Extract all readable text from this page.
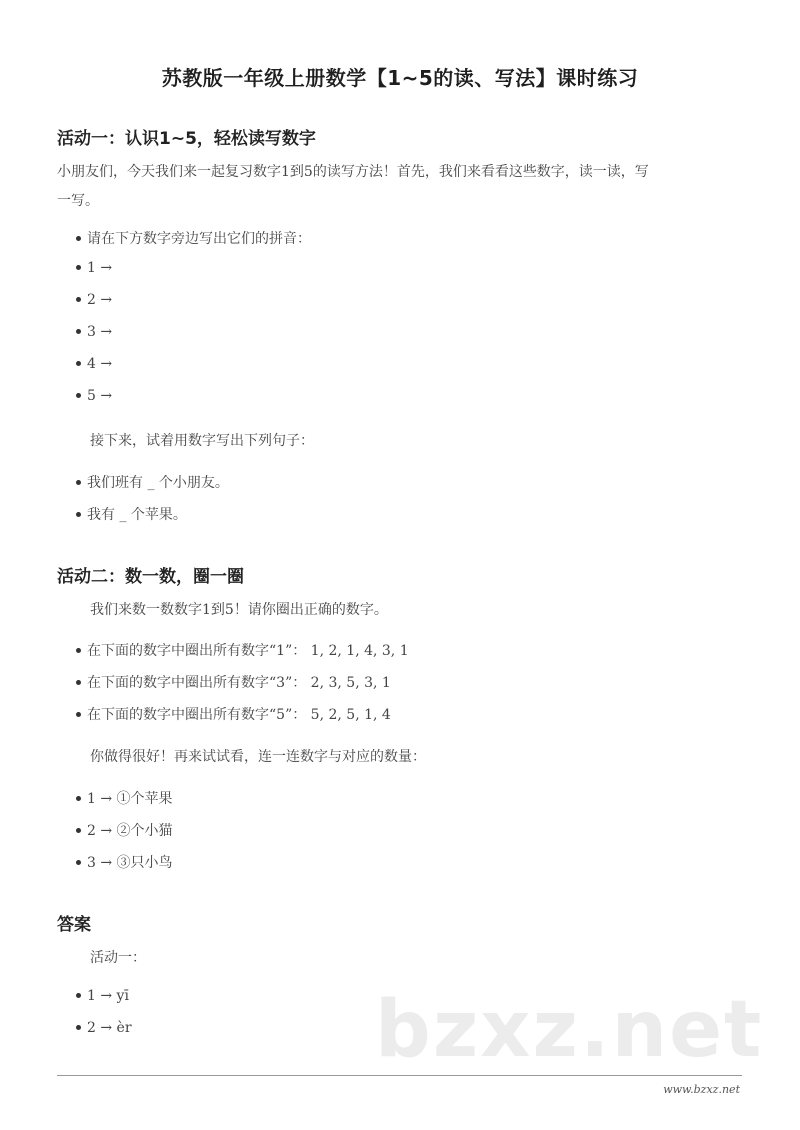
苏教版一年级上册数学【1~5的读、写法】课时练习
活动一：认识1~5，轻松读写数字
小朋友们，今天我们来一起复习数字1到5的读写方法！首先，我们来看看这些数字，读一读，写
一写。
请在下方数字旁边写出它们的拼音：
1 →
2 →
3 →
4 →
5 →
接下来，试着用数字写出下列句子：
我们班有 _ 个小朋友。
我有 _ 个苹果。
活动二：数一数，圈一圈
我们来数一数数字1到5！请你圈出正确的数字。
在下面的数字中圈出所有数字“1”： 1, 2, 1, 4, 3, 1
在下面的数字中圈出所有数字“3”： 2, 3, 5, 3, 1
在下面的数字中圈出所有数字“5”： 5, 2, 5, 1, 4
你做得很好！再来试试看，连一连数字与对应的数量：
1 → ①个苹果
2 → ②个小猫
3 → ③只小鸟
答案
活动一：
1 → yī
2 → èr	bzxz.net
www.bzxz.net
